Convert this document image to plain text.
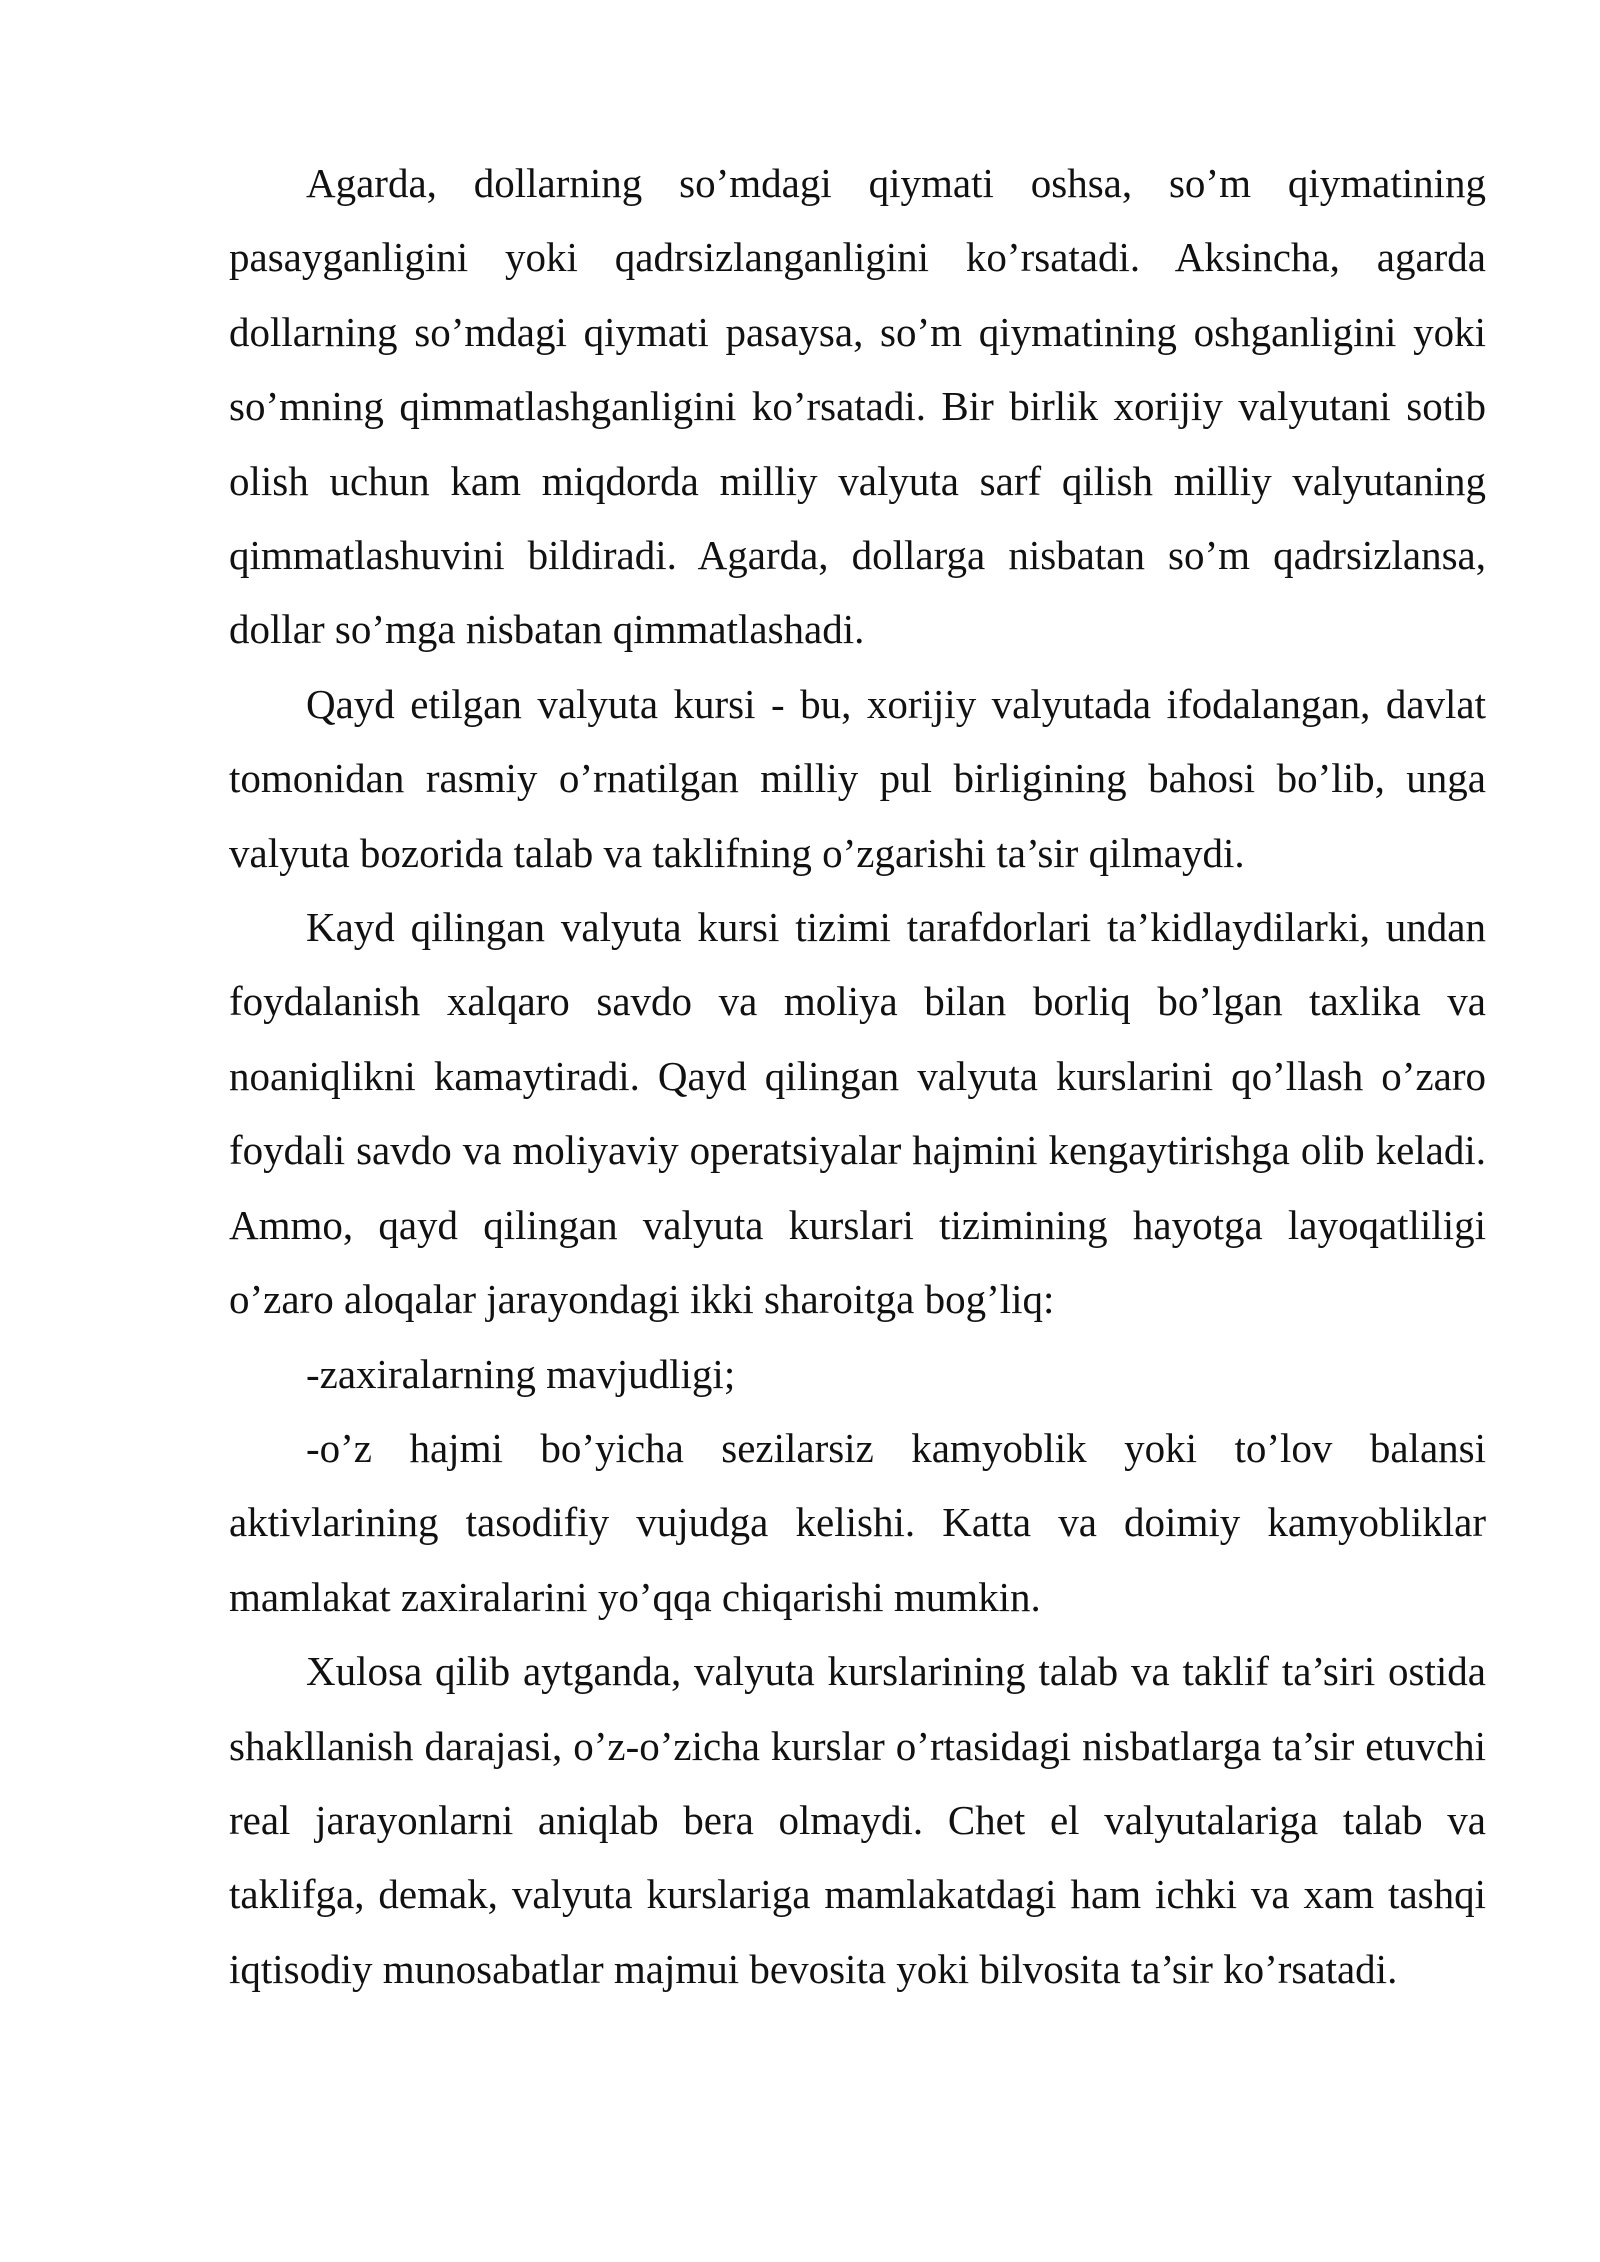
Agarda, dollarning so’mdagi qiymati oshsa, so’m qiymatining pasayganligini yoki qadrsizlanganligini ko’rsatadi. Aksincha, agarda dollarning so’mdagi qiymati pasaysa, so’m qiymatining oshganligini yoki so’mning qimmatlashganligini ko’rsatadi. Bir birlik xorijiy valyutani sotib olish uchun kam miqdorda milliy valyuta sarf qilish milliy valyutaning qimmatlashuvini bildiradi. Agarda, dollarga nisbatan so’m qadrsizlansa, dollar so’mga nisbatan qimmatlashadi.

Qayd etilgan valyuta kursi - bu, xorijiy valyutada ifodalangan, davlat tomonidan rasmiy o’rnatilgan milliy pul birligining bahosi bo’lib, unga valyuta bozorida talab va taklifning o’zgarishi ta’sir qilmaydi.

Kayd qilingan valyuta kursi tizimi tarafdorlari ta’kidlaydilarki, undan foydalanish xalqaro savdo va moliya bilan borliq bo’lgan taxlika va noaniqlikni kamaytiradi. Qayd qilingan valyuta kurslarini qo’llash o’zaro foydali savdo va moliyaviy operatsiyalar hajmini kengaytirishga olib keladi. Ammo, qayd qilingan valyuta kurslari tizimining hayotga layoqatliligi o’zaro aloqalar jarayondagi ikki sharoitga bog’liq:

-zaxiralarning mavjudligi;

-o’z hajmi bo’yicha sezilarsiz kamyoblik yoki to’lov balansi aktivlarining tasodifiy vujudga kelishi. Katta va doimiy kamyobliklar mamlakat zaxiralarini yo’qqa chiqarishi mumkin.

Xulosa qilib aytganda, valyuta kurslarining talab va taklif ta’siri ostida shakllanish darajasi, o’z-o’zicha kurslar o’rtasidagi nisbatlarga ta’sir etuvchi real jarayonlarni aniqlab bera olmaydi. Chet el valyutalariga talab va taklifga, demak, valyuta kurslariga mamlakatdagi ham ichki va xam tashqi iqtisodiy munosabatlar majmui bevosita yoki bilvosita ta’sir ko’rsatadi.
